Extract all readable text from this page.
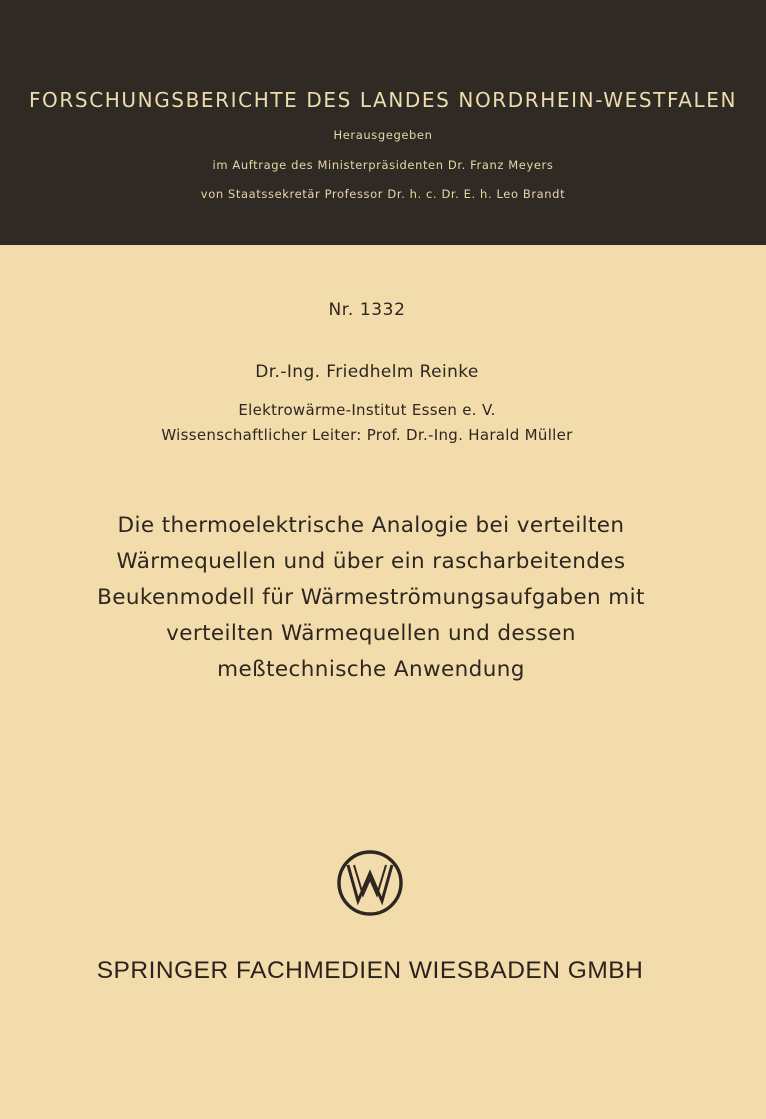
FORSCHUNGSBERICHTE DES LANDES NORDRHEIN-WESTFALEN
Herausgegeben
im Auftrage des Ministerpräsidenten Dr. Franz Meyers
von Staatssekretär Professor Dr. h. c. Dr. E. h. Leo Brandt
Nr. 1332
Dr.-Ing. Friedhelm Reinke
Elektrowärme-Institut Essen e. V.
Wissenschaftlicher Leiter: Prof. Dr.-Ing. Harald Müller
Die thermoelektrische Analogie bei verteilten
Wärmequellen und über ein rascharbeitendes
Beukenmodell für Wärmeströmungsaufgaben mit
verteilten Wärmequellen und dessen
meßtechnische Anwendung
SPRINGER FACHMEDIEN WIESBADEN GMBH
